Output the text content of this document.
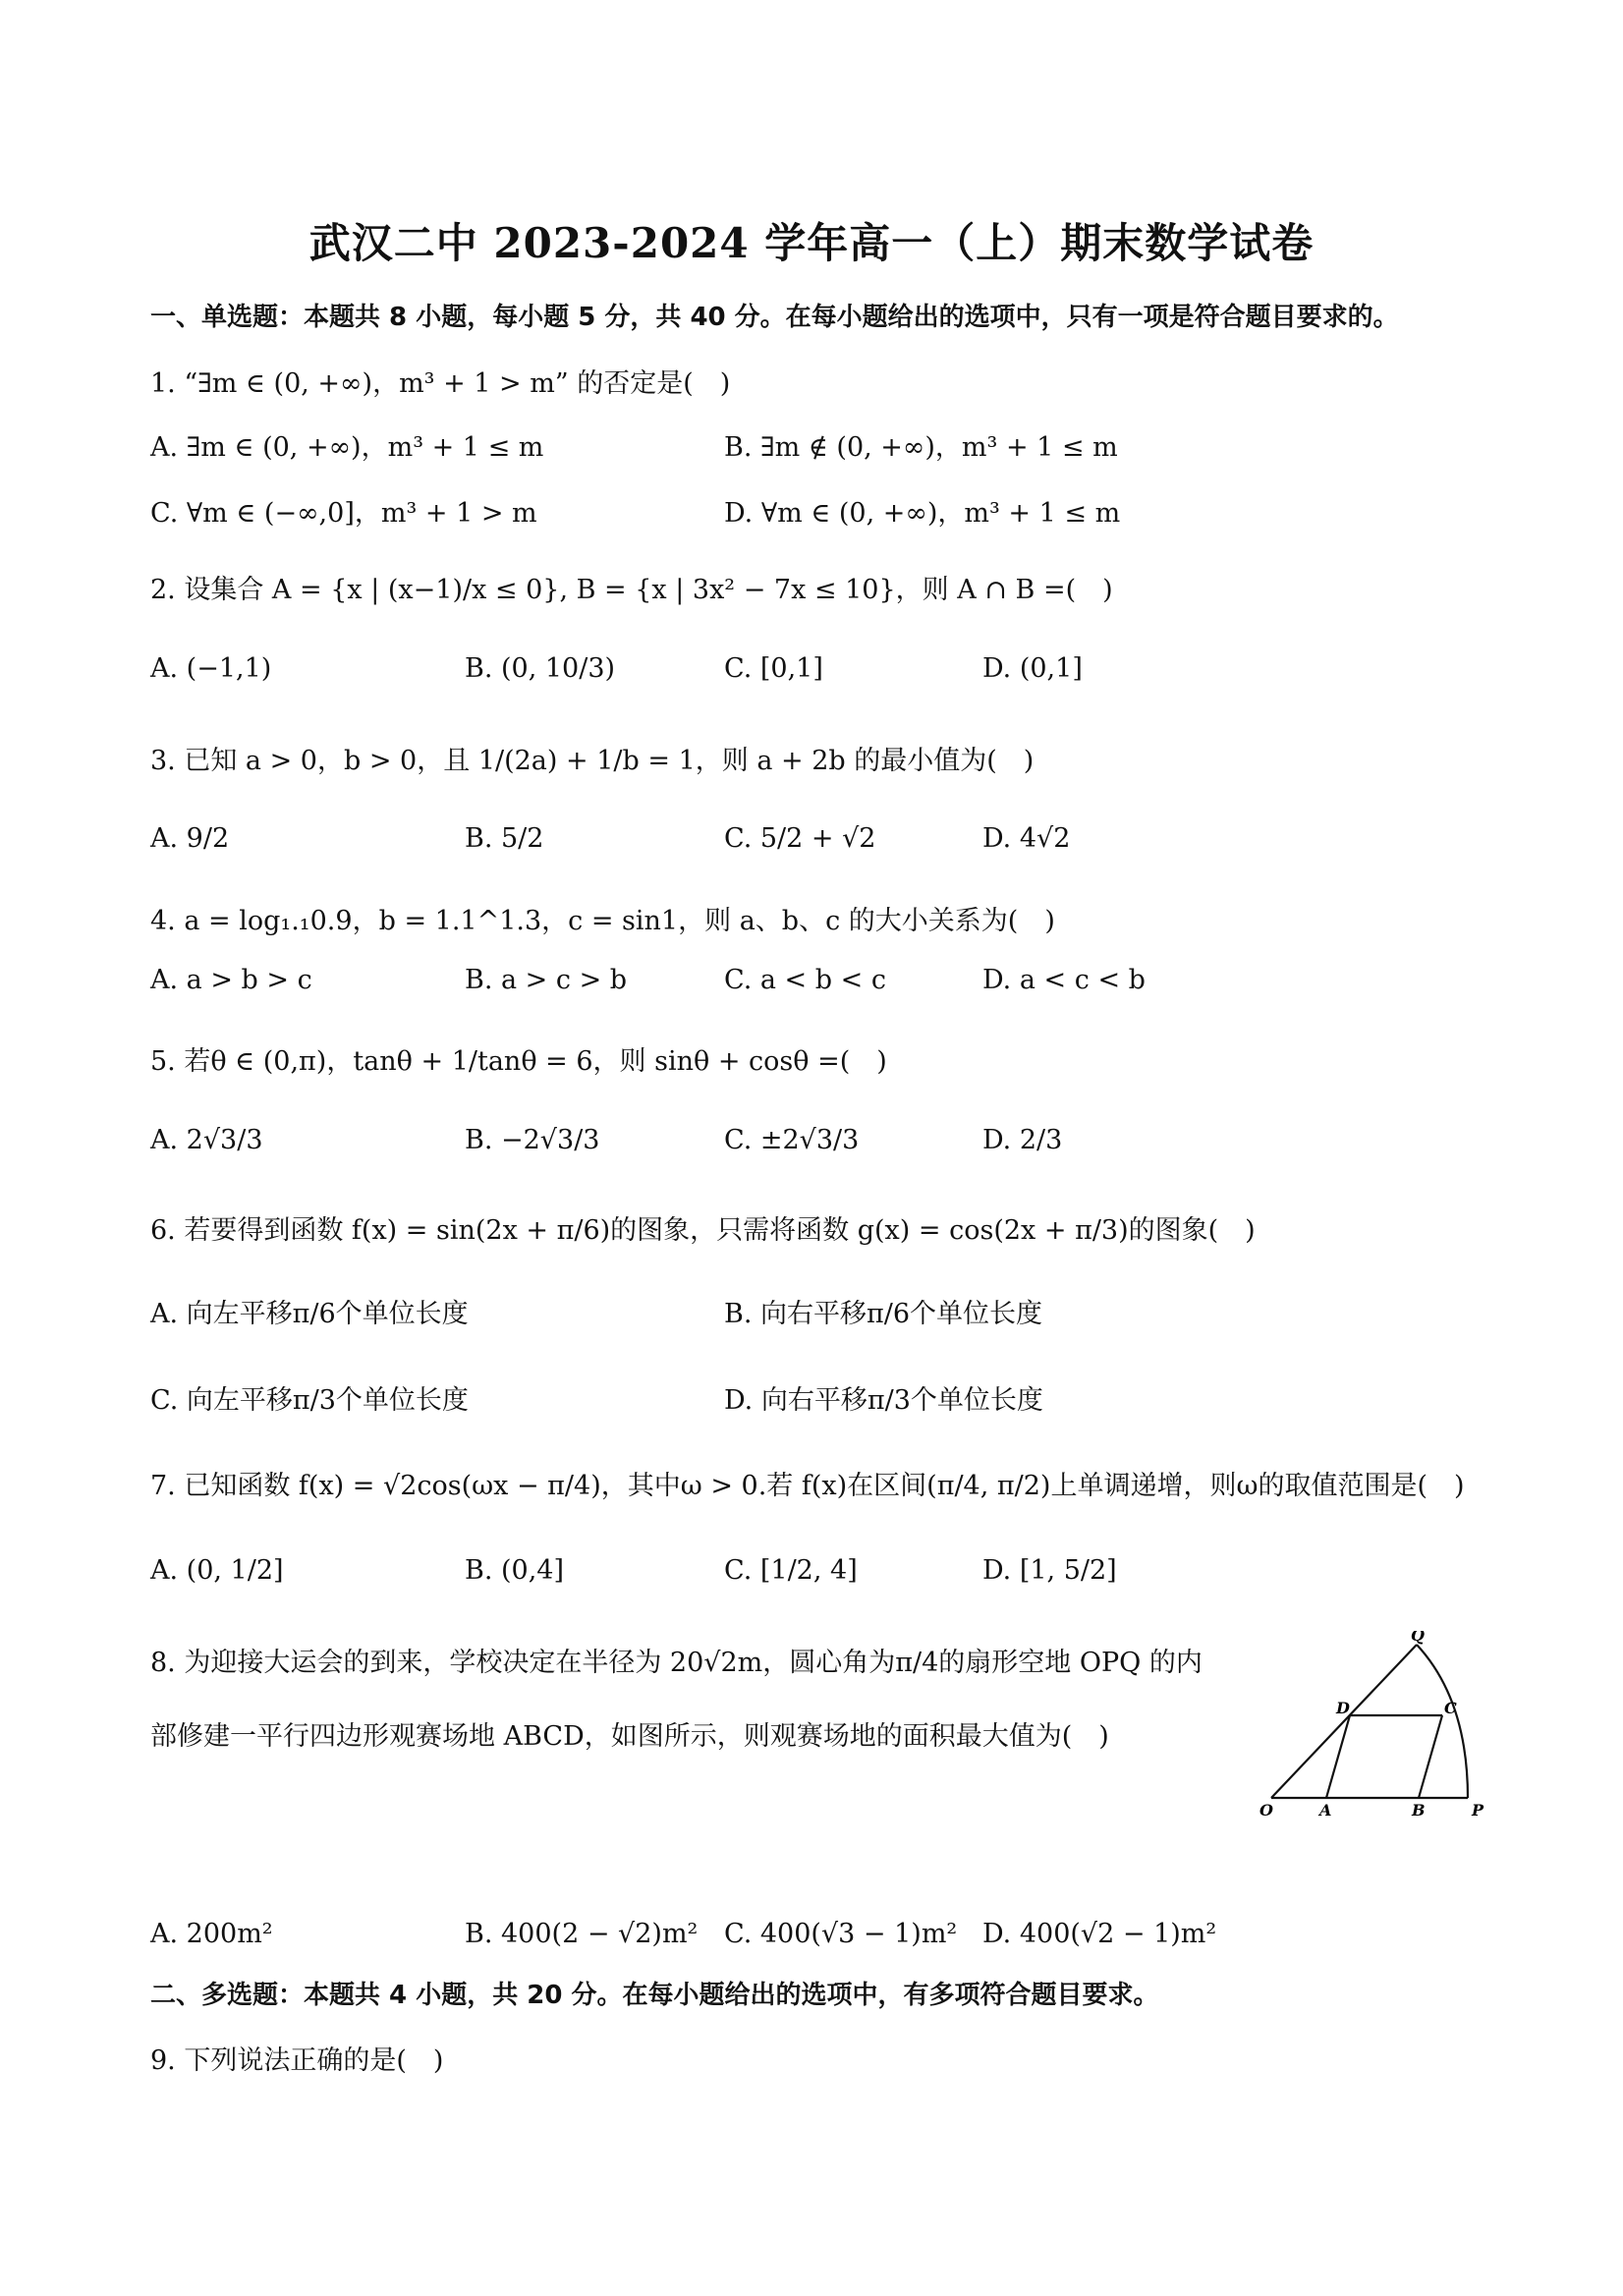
武汉二中 2023-2024 学年高一（上）期末数学试卷
一、单选题：本题共 8 小题，每小题 5 分，共 40 分。在每小题给出的选项中，只有一项是符合题目要求的。
1. “∃m ∈ (0, +∞)，m³ + 1 > m” 的否定是(　)
A. ∃m ∈ (0, +∞)，m³ + 1 ≤ m	B. ∃m ∉ (0, +∞)，m³ + 1 ≤ m
C. ∀m ∈ (−∞,0]，m³ + 1 > m	D. ∀m ∈ (0, +∞)，m³ + 1 ≤ m
2. 设集合 A = {x | (x−1)/x ≤ 0}, B = {x | 3x² − 7x ≤ 10}，则 A ∩ B =(　)
A. (−1,1)	B. (0, 10/3)	C. [0,1]	D. (0,1]
3. 已知 a > 0，b > 0，且 1/(2a) + 1/b = 1，则 a + 2b 的最小值为(　)
A. 9/2	B. 5/2	C. 5/2 + √2	D. 4√2
4. a = log₁.₁0.9，b = 1.1^1.3，c = sin1，则 a、b、c 的大小关系为(　)
A. a > b > c	B. a > c > b	C. a < b < c	D. a < c < b
5. 若θ ∈ (0,π)，tanθ + 1/tanθ = 6，则 sinθ + cosθ =(　)
A. 2√3/3	B. −2√3/3	C. ±2√3/3	D. 2/3
6. 若要得到函数 f(x) = sin(2x + π/6)的图象，只需将函数 g(x) = cos(2x + π/3)的图象(　)
A. 向左平移π/6个单位长度	B. 向右平移π/6个单位长度
C. 向左平移π/3个单位长度	D. 向右平移π/3个单位长度
7. 已知函数 f(x) = √2cos(ωx − π/4)，其中ω > 0.若 f(x)在区间(π/4, π/2)上单调递增，则ω的取值范围是(　)
A. (0, 1/2]	B. (0,4]	C. [1/2, 4]	D. [1, 5/2]
8. 为迎接大运会的到来，学校决定在半径为 20√2m，圆心角为π/4的扇形空地 OPQ 的内
部修建一平行四边形观赛场地 ABCD，如图所示，则观赛场地的面积最大值为(　)
O	A	B	P
C
D
Q
A. 200m²	B. 400(2 − √2)m² C. 400(√3 − 1)m² D. 400(√2 − 1)m²
二、多选题：本题共 4 小题，共 20 分。在每小题给出的选项中，有多项符合题目要求。
9. 下列说法正确的是(　)
